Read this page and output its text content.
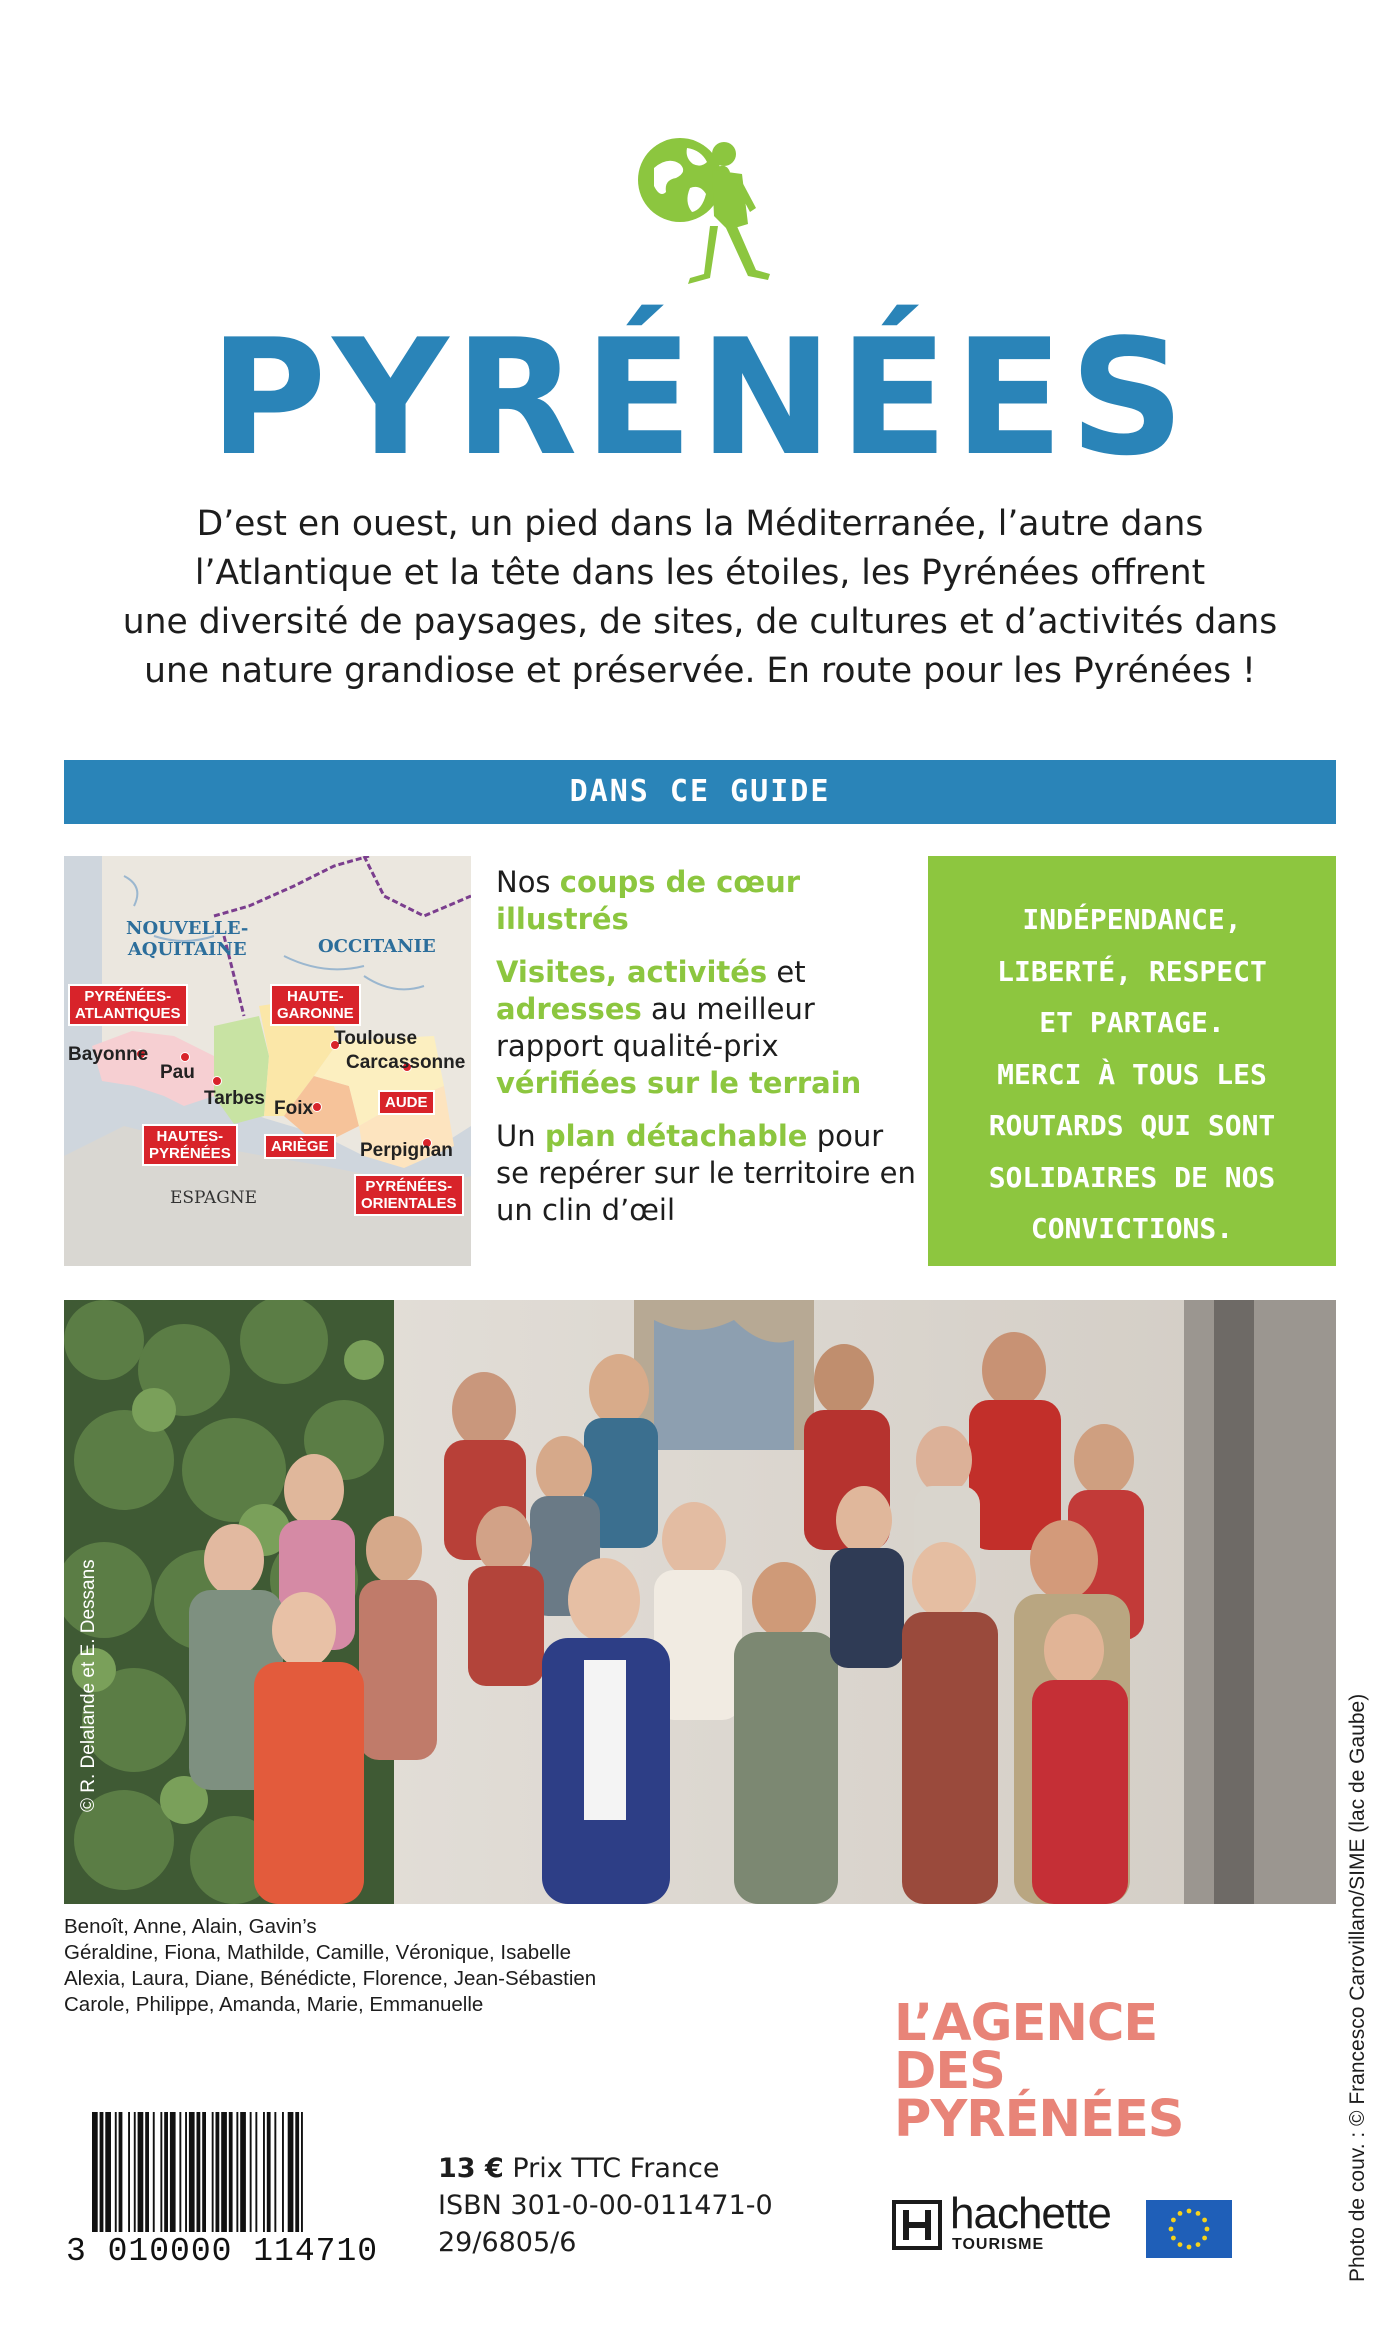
PYRÉNÉES
D’est en ouest, un pied dans la Méditerranée, l’autre dans
l’Atlantique et la tête dans les étoiles, les Pyrénées offrent
une diversité de paysages, de sites, de cultures et d’activités dans
une nature grandiose et préservée. En route pour les Pyrénées !
DANS CE GUIDE
NOUVELLE-
AQUITAINE	OCCITANIE
PYRÉNÉES-
ATLANTIQUES
HAUTE-
GARONNE
HAUTES-
PYRÉNÉES	ARIÈGE
AUDE
PYRÉNÉES-
ORIENTALES
Bayonne
Pau
Tarbes
Toulouse
Carcassonne
Foix
Perpignan
ESPAGNE

Nos coups de cœur illustrés

Visites, activités et adresses au meilleur rapport qualité-prix vérifiées sur le terrain

Un plan détachable pour se repérer sur le territoire en un clin d’œil

INDÉPENDANCE,
LIBERTÉ, RESPECT
ET PARTAGE.
MERCI À TOUS LES
ROUTARDS QUI SONT
SOLIDAIRES DE NOS
CONVICTIONS.
© R. Delalande et E. Dessans
Benoît, Anne, Alain, Gavin’s
Géraldine, Fiona, Mathilde, Camille, Véronique, Isabelle
Alexia, Laura, Diane, Bénédicte, Florence, Jean-Sébastien
Carole, Philippe, Amanda, Marie, Emmanuelle	L’AGENCE
DES
PYRÉNÉES
3 010000 114710
13 € Prix TTC France
ISBN 301-0-00-011471-0
29/6805/6
hachette
TOURISME	Photo de couv. : © Francesco Carovillano/SIME (lac de Gaube)
